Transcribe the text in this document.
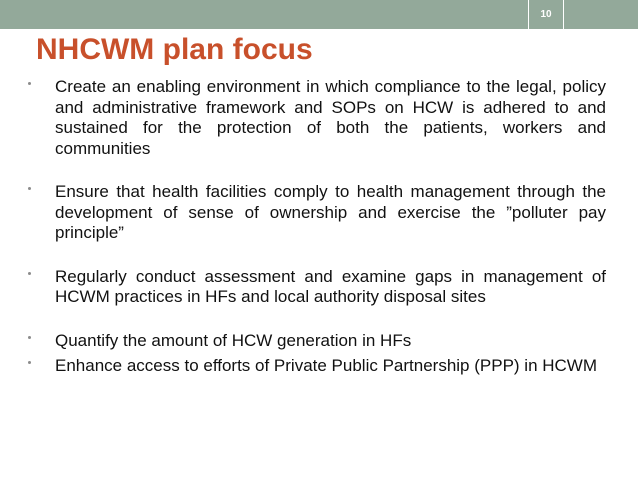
10
NHCWM plan focus
Create an enabling environment in which compliance to the legal, policy and administrative framework and SOPs on HCW is adhered to and sustained for the protection of both the patients, workers and communities
Ensure that health facilities comply to health management through the development of sense of ownership and exercise the ”polluter pay principle”
Regularly conduct assessment and examine gaps in management of HCWM practices in HFs and local authority disposal sites
Quantify the amount of HCW generation in HFs
Enhance access to efforts of Private Public Partnership (PPP) in HCWM
